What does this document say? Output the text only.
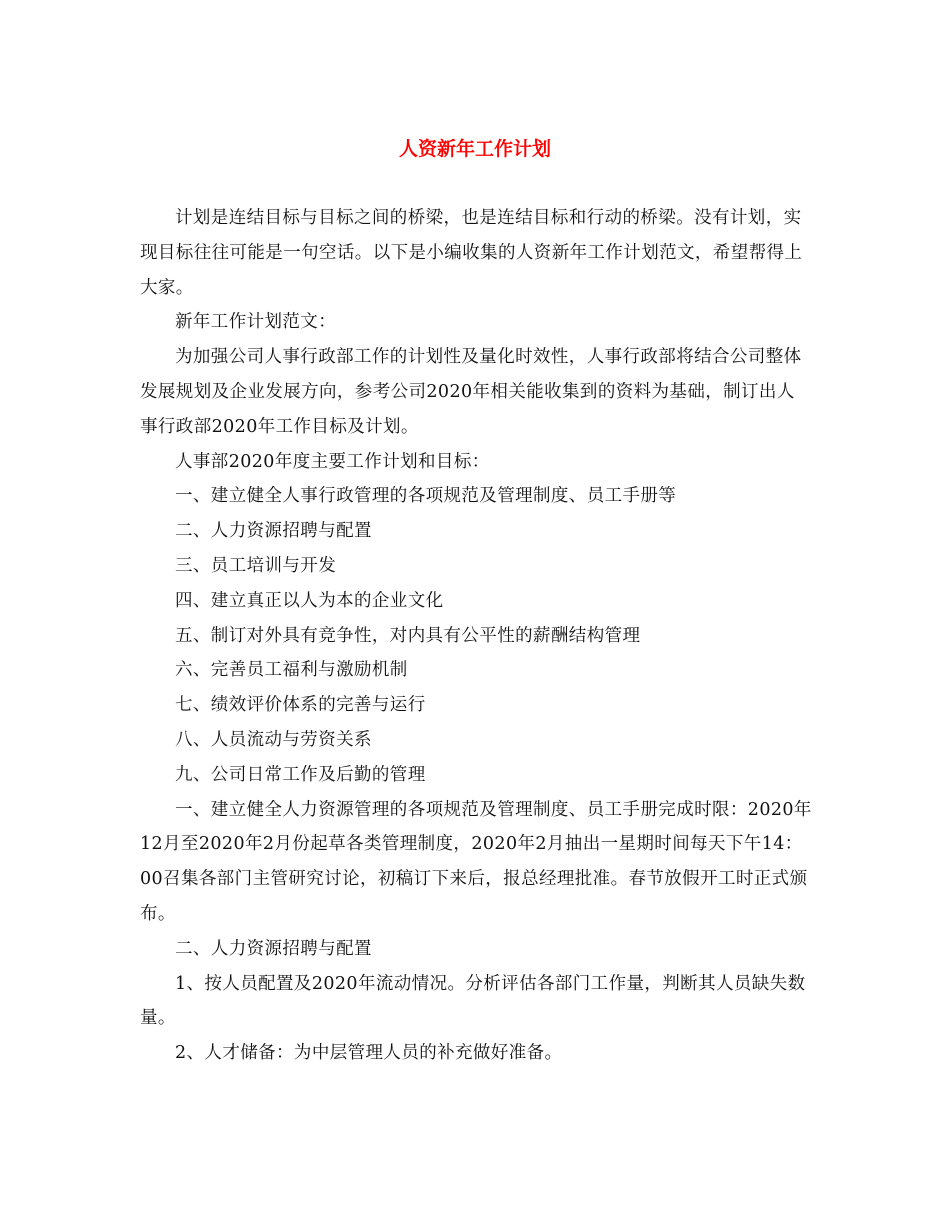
人资新年工作计划

计划是连结目标与目标之间的桥梁，也是连结目标和行动的桥梁。没有计划，实现目标往往可能是一句空话。以下是小编收集的人资新年工作计划范文，希望帮得上大家。

新年工作计划范文：

为加强公司人事行政部工作的计划性及量化时效性，人事行政部将结合公司整体发展规划及企业发展方向，参考公司2020年相关能收集到的资料为基础，制订出人事行政部2020年工作目标及计划。

人事部2020年度主要工作计划和目标：

一、建立健全人事行政管理的各项规范及管理制度、员工手册等

二、人力资源招聘与配置

三、员工培训与开发

四、建立真正以人为本的企业文化

五、制订对外具有竞争性，对内具有公平性的薪酬结构管理

六、完善员工福利与激励机制

七、绩效评价体系的完善与运行

八、人员流动与劳资关系

九、公司日常工作及后勤的管理

一、建立健全人力资源管理的各项规范及管理制度、员工手册完成时限：2020年12月至2020年2月份起草各类管理制度，2020年2月抽出一星期时间每天下午14：00召集各部门主管研究讨论，初稿订下来后，报总经理批准。春节放假开工时正式颁布。

二、人力资源招聘与配置

1、按人员配置及2020年流动情况。分析评估各部门工作量，判断其人员缺失数量。

2、人才储备：为中层管理人员的补充做好准备。
